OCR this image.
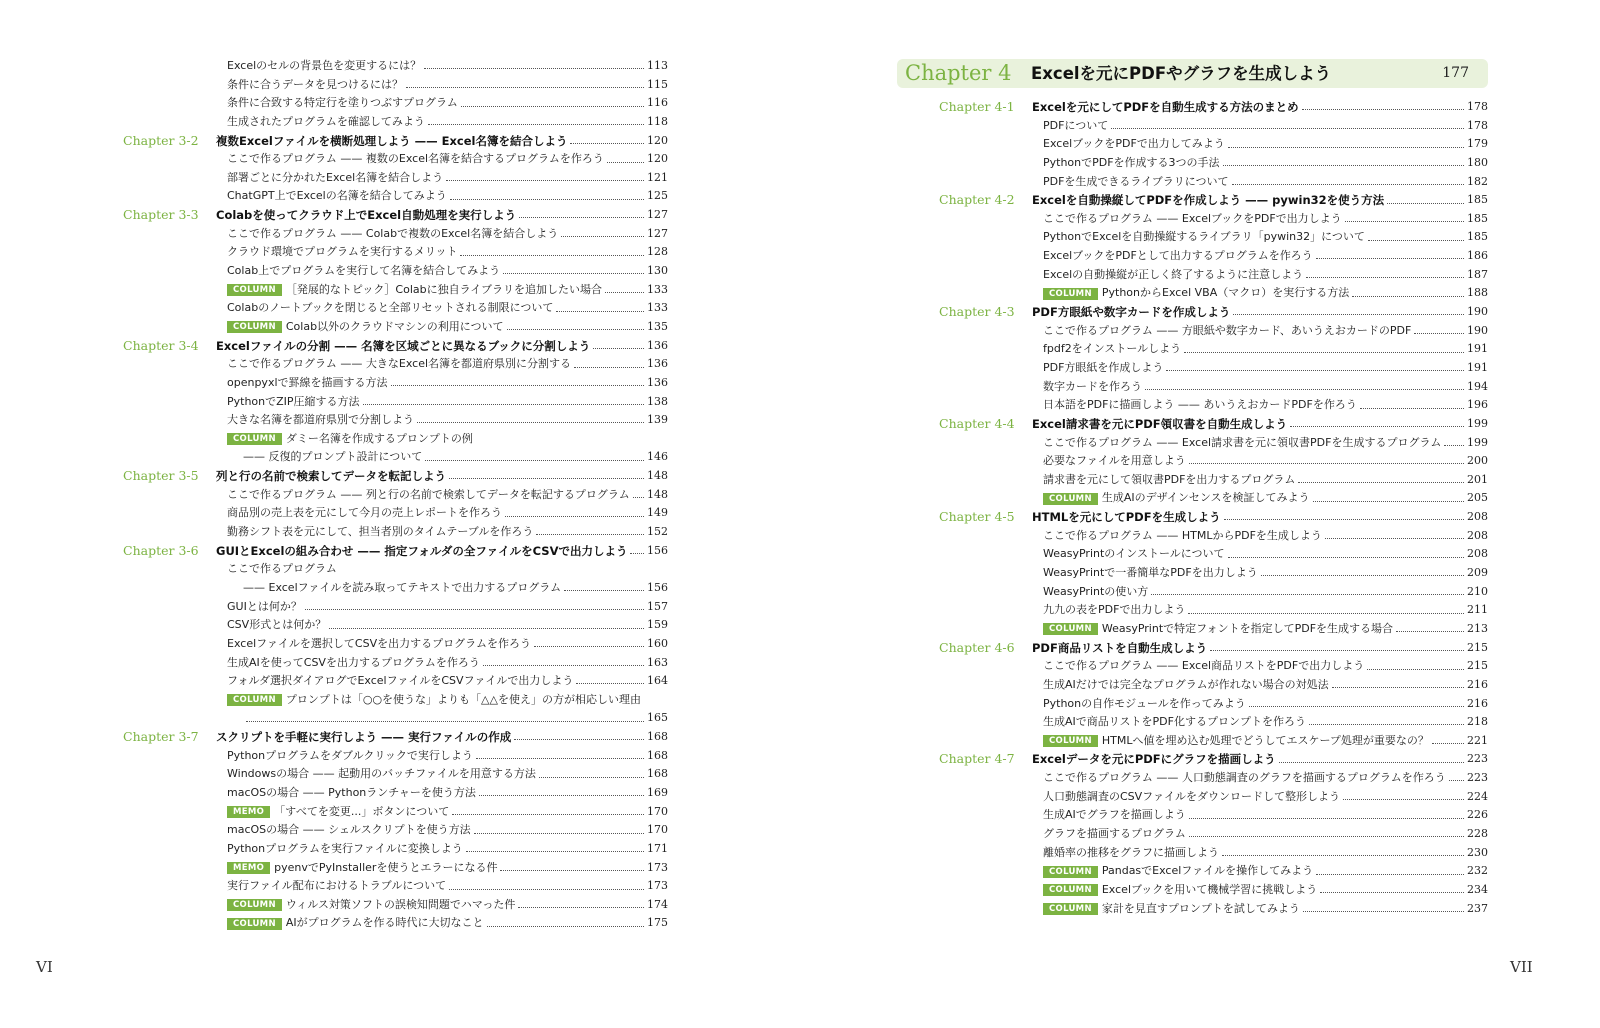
Excelのセルの背景色を変更するには？	113
条件に合うデータを見つけるには？	115
条件に合致する特定行を塗りつぶすプログラム	116
生成されたプログラムを確認してみよう	118
Chapter 3-2 複数Excelファイルを横断処理しよう —— Excel名簿を結合しよう	120
ここで作るプログラム —— 複数のExcel名簿を結合するプログラムを作ろう	120
部署ごとに分かれたExcel名簿を結合しよう	121
ChatGPT上でExcelの名簿を結合してみよう	125
Chapter 3-3 Colabを使ってクラウド上でExcel自動処理を実行しよう	127
ここで作るプログラム —— Colabで複数のExcel名簿を結合しよう	127
クラウド環境でプログラムを実行するメリット	128
Colab上でプログラムを実行して名簿を結合してみよう	130
COLUMN ［発展的なトピック］Colabに独自ライブラリを追加したい場合	133
Colabのノートブックを閉じると全部リセットされる制限について	133
COLUMN Colab以外のクラウドマシンの利用について	135
Chapter 3-4 Excelファイルの分割 —— 名簿を区域ごとに異なるブックに分割しよう	136
ここで作るプログラム —— 大きなExcel名簿を都道府県別に分割する	136
openpyxlで罫線を描画する方法	136
PythonでZIP圧縮する方法	138
大きな名簿を都道府県別で分割しよう	139
COLUMN ダミー名簿を作成するプロンプトの例
—— 反復的プロンプト設計について	146
Chapter 3-5 列と行の名前で検索してデータを転記しよう	148
ここで作るプログラム —— 列と行の名前で検索してデータを転記するプログラム 148
商品別の売上表を元にして今月の売上レポートを作ろう	149
勤務シフト表を元にして、担当者別のタイムテーブルを作ろう	152
Chapter 3-6 GUIとExcelの組み合わせ —— 指定フォルダの全ファイルをCSVで出力しよう 156
ここで作るプログラム
—— Excelファイルを読み取ってテキストで出力するプログラム	156
GUIとは何か？	157
CSV形式とは何か？	159
Excelファイルを選択してCSVを出力するプログラムを作ろう	160
生成AIを使ってCSVを出力するプログラムを作ろう	163
フォルダ選択ダイアログでExcelファイルをCSVファイルで出力しよう	164
COLUMN プロンプトは「○○を使うな」よりも「△△を使え」の方が相応しい理由
165
Chapter 3-7 スクリプトを手軽に実行しよう —— 実行ファイルの作成	168
Pythonプログラムをダブルクリックで実行しよう	168
Windowsの場合 —— 起動用のバッチファイルを用意する方法	168
macOSの場合 —— Pythonランチャーを使う方法	169
MEMO 「すべてを変更...」ボタンについて	170
macOSの場合 —— シェルスクリプトを使う方法	170
Pythonプログラムを実行ファイルに変換しよう	171
MEMO pyenvでPyInstallerを使うとエラーになる件	173
実行ファイル配布におけるトラブルについて	173
COLUMN ウィルス対策ソフトの誤検知問題でハマった件	174
COLUMN AIがプログラムを作る時代に大切なこと	175
VI
Chapter 4 Excelを元にPDFやグラフを生成しよう	177
Chapter 4-1 Excelを元にしてPDFを自動生成する方法のまとめ	178
PDFについて	178
ExcelブックをPDFで出力してみよう	179
PythonでPDFを作成する3つの手法	180
PDFを生成できるライブラリについて	182
Chapter 4-2 Excelを自動操縦してPDFを作成しよう —— pywin32を使う方法	185
ここで作るプログラム —— ExcelブックをPDFで出力しよう	185
PythonでExcelを自動操縦するライブラリ「pywin32」について	185
ExcelブックをPDFとして出力するプログラムを作ろう	186
Excelの自動操縦が正しく終了するように注意しよう	187
COLUMN PythonからExcel VBA（マクロ）を実行する方法	188
Chapter 4-3 PDF方眼紙や数字カードを作成しよう	190
ここで作るプログラム —— 方眼紙や数字カード、あいうえおカードのPDF	190
fpdf2をインストールしよう	191
PDF方眼紙を作成しよう	191
数字カードを作ろう	194
日本語をPDFに描画しよう —— あいうえおカードPDFを作ろう	196
Chapter 4-4 Excel請求書を元にPDF領収書を自動生成しよう	199
ここで作るプログラム —— Excel請求書を元に領収書PDFを生成するプログラム 199
必要なファイルを用意しよう	200
請求書を元にして領収書PDFを出力するプログラム	201
COLUMN 生成AIのデザインセンスを検証してみよう	205
Chapter 4-5 HTMLを元にしてPDFを生成しよう	208
ここで作るプログラム —— HTMLからPDFを生成しよう	208
WeasyPrintのインストールについて	208
WeasyPrintで一番簡単なPDFを出力しよう	209
WeasyPrintの使い方	210
九九の表をPDFで出力しよう	211
COLUMN WeasyPrintで特定フォントを指定してPDFを生成する場合	213
Chapter 4-6 PDF商品リストを自動生成しよう	215
ここで作るプログラム —— Excel商品リストをPDFで出力しよう	215
生成AIだけでは完全なプログラムが作れない場合の対処法	216
Pythonの自作モジュールを作ってみよう	216
生成AIで商品リストをPDF化するプロンプトを作ろう	218
COLUMN HTMLへ値を埋め込む処理でどうしてエスケープ処理が重要なの？	221
Chapter 4-7 Excelデータを元にPDFにグラフを描画しよう	223
ここで作るプログラム —— 人口動態調査のグラフを描画するプログラムを作ろう 223
人口動態調査のCSVファイルをダウンロードして整形しよう	224
生成AIでグラフを描画しよう	226
グラフを描画するプログラム	228
離婚率の推移をグラフに描画しよう	230
COLUMN PandasでExcelファイルを操作してみよう	232
COLUMN Excelブックを用いて機械学習に挑戦しよう	234
COLUMN 家計を見直すプロンプトを試してみよう	237
VII
